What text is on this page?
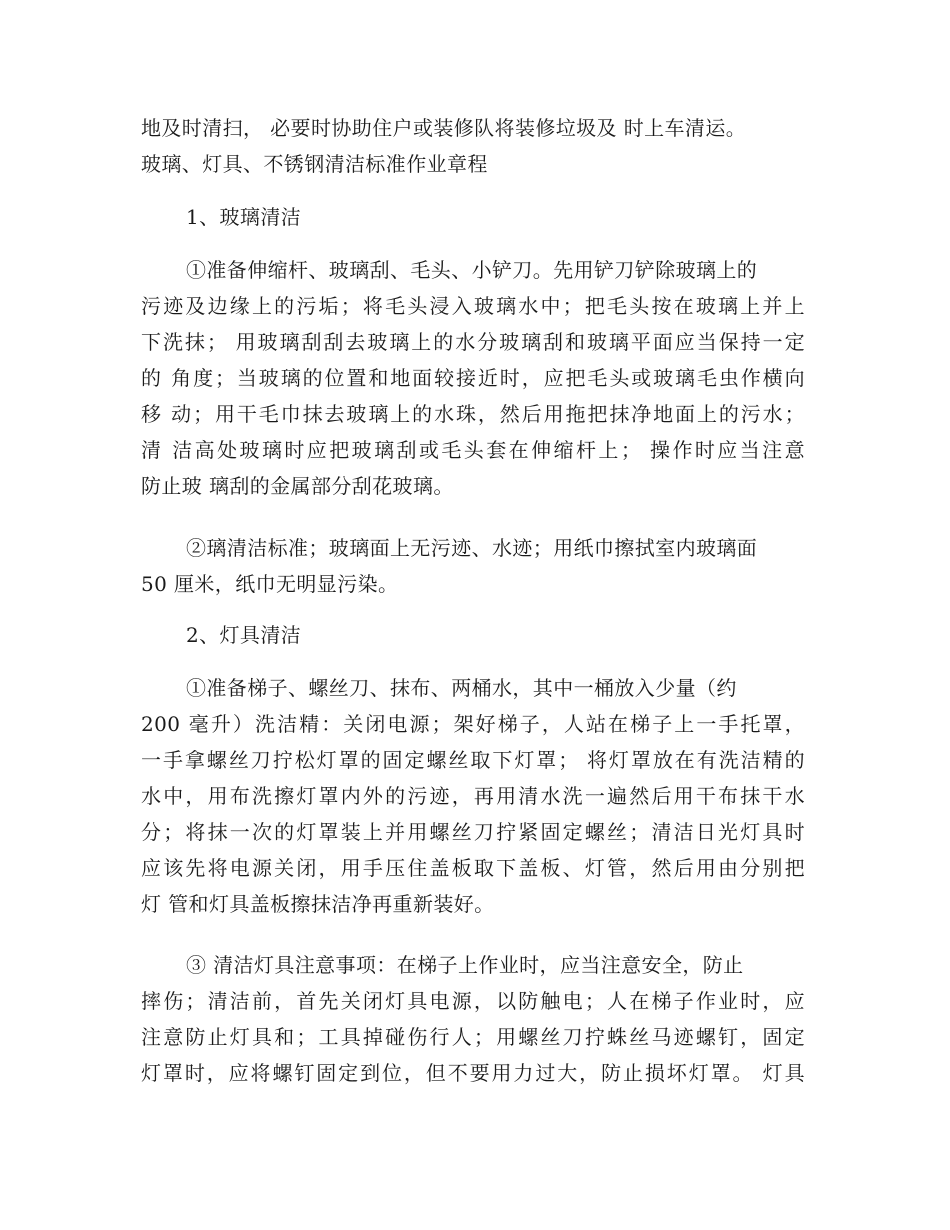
地及时清扫， 必要时协助住户或装修队将装修垃圾及 时上车清运。
玻璃、灯具、不锈钢清洁标准作业章程
1、玻璃清洁
①准备伸缩杆、玻璃刮、毛头、小铲刀。先用铲刀铲除玻璃上的
污迹及边缘上的污垢；将毛头浸入玻璃水中；把毛头按在玻璃上并上
下洗抹； 用玻璃刮刮去玻璃上的水分玻璃刮和玻璃平面应当保持一定
的 角度；当玻璃的位置和地面较接近时，应把毛头或玻璃毛虫作横向
移 动；用干毛巾抹去玻璃上的水珠，然后用拖把抹净地面上的污水；
清 洁高处玻璃时应把玻璃刮或毛头套在伸缩杆上； 操作时应当注意
防止玻 璃刮的金属部分刮花玻璃。
②璃清洁标准；玻璃面上无污迹、水迹；用纸巾擦拭室内玻璃面
50 厘米，纸巾无明显污染。
2、灯具清洁
①准备梯子、螺丝刀、抹布、两桶水，其中一桶放入少量（约
200 毫升）洗洁精：关闭电源；架好梯子，人站在梯子上一手托罩，
一手拿螺丝刀拧松灯罩的固定螺丝取下灯罩； 将灯罩放在有洗洁精的
水中，用布洗擦灯罩内外的污迹，再用清水洗一遍然后用干布抹干水
分；将抹一次的灯罩装上并用螺丝刀拧紧固定螺丝；清洁日光灯具时
应该先将电源关闭，用手压住盖板取下盖板、灯管，然后用由分别把
灯 管和灯具盖板擦抹洁净再重新装好。
③ 清洁灯具注意事项：在梯子上作业时，应当注意安全，防止
摔伤；清洁前，首先关闭灯具电源，以防触电；人在梯子作业时，应
注意防止灯具和；工具掉碰伤行人；用螺丝刀拧蛛丝马迹螺钉，固定
灯罩时，应将螺钉固定到位，但不要用力过大，防止损坏灯罩。 灯具
